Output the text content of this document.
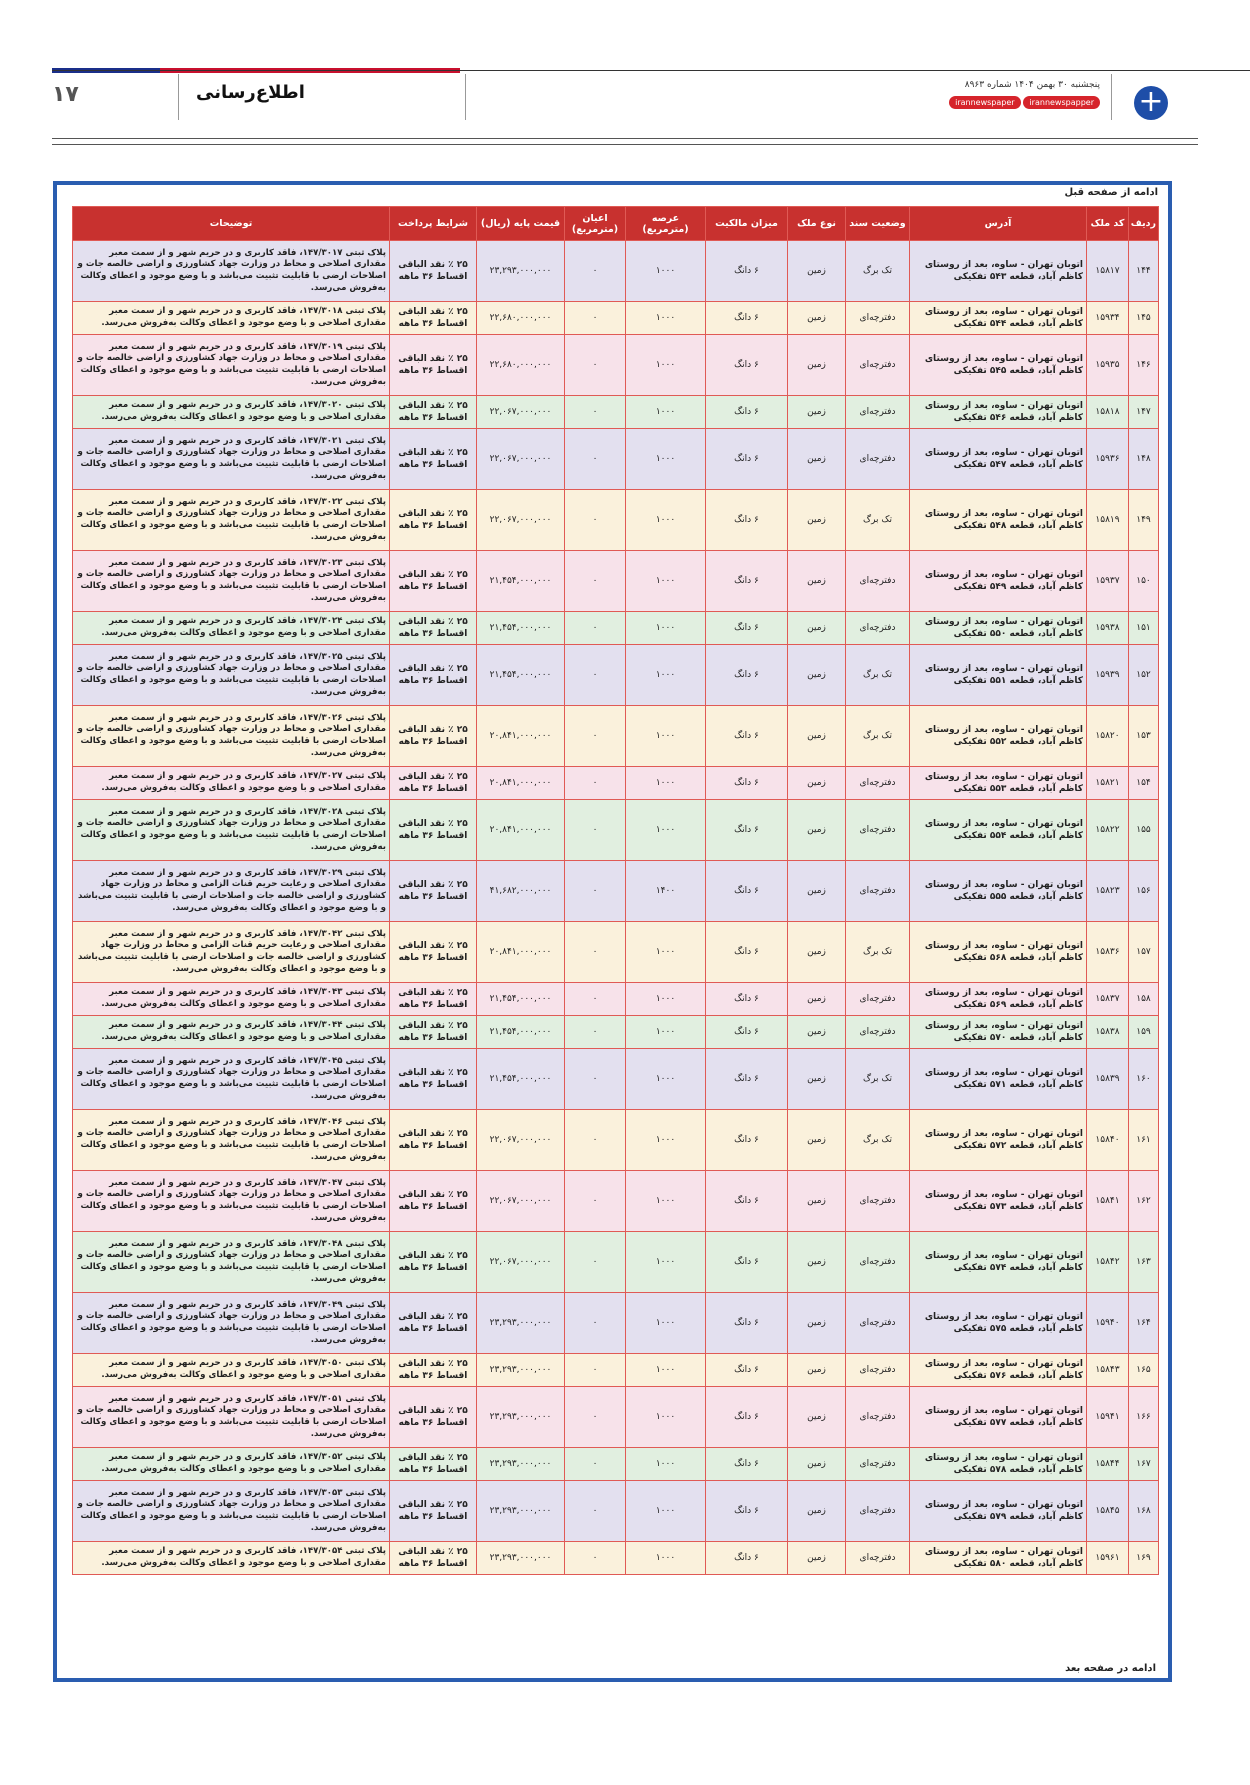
۱۷	اطلاع‌رسانی	پنجشنبه ۳۰ بهمن ۱۴۰۴ شماره ۸۹۶۳
irannewspapper irannewspaper	+
ادامه از صفحه قبل
ردیف	کد ملک	آدرس	وضعیت سند	نوع ملک	میزان مالکیت	عرصه (مترمربع)	اعیان (مترمربع)	قیمت پایه (ریال)	شرایط پرداخت	توضیحات
۱۴۴	۱۵۸۱۷	اتوبان تهران - ساوه، بعد از روستای کاظم آباد، قطعه ۵۴۳ تفکیکی	تک برگ	زمین	۶ دانگ	۱۰۰۰	۰	۲۳,۲۹۳,۰۰۰,۰۰۰	۲۵ ٪ نقد الباقی اقساط ۳۶ ماهه	پلاک ثبتی ۱۴۷/۳۰۱۷، فاقد کاربری و در حریم شهر و از سمت معبر مقداری اصلاحی و محاط در وزارت جهاد کشاورزی و اراضی خالصه جات و اصلاحات ارضی با قابلیت تثبیت می‌باشد و با وضع موجود و اعطای وکالت به‌فروش می‌رسد.
۱۴۵	۱۵۹۳۴	اتوبان تهران - ساوه، بعد از روستای کاظم آباد، قطعه ۵۴۴ تفکیکی	دفترچه‌ای	زمین	۶ دانگ	۱۰۰۰	۰	۲۲,۶۸۰,۰۰۰,۰۰۰	۲۵ ٪ نقد الباقی اقساط ۳۶ ماهه	پلاک ثبتی ۱۴۷/۳۰۱۸، فاقد کاربری و در حریم شهر و از سمت معبر مقداری اصلاحی و با وضع موجود و اعطای وکالت به‌فروش می‌رسد.
۱۴۶	۱۵۹۳۵	اتوبان تهران - ساوه، بعد از روستای کاظم آباد، قطعه ۵۴۵ تفکیکی	دفترچه‌ای	زمین	۶ دانگ	۱۰۰۰	۰	۲۲,۶۸۰,۰۰۰,۰۰۰	۲۵ ٪ نقد الباقی اقساط ۳۶ ماهه	پلاک ثبتی ۱۴۷/۳۰۱۹، فاقد کاربری و در حریم شهر و از سمت معبر مقداری اصلاحی و محاط در وزارت جهاد کشاورزی و اراضی خالصه جات و اصلاحات ارضی با قابلیت تثبیت می‌باشد و با وضع موجود و اعطای وکالت به‌فروش می‌رسد.
۱۴۷	۱۵۸۱۸	اتوبان تهران - ساوه، بعد از روستای کاظم آباد، قطعه ۵۴۶ تفکیکی	دفترچه‌ای	زمین	۶ دانگ	۱۰۰۰	۰	۲۲,۰۶۷,۰۰۰,۰۰۰	۲۵ ٪ نقد الباقی اقساط ۳۶ ماهه	پلاک ثبتی ۱۴۷/۳۰۲۰، فاقد کاربری و در حریم شهر و از سمت معبر مقداری اصلاحی و با وضع موجود و اعطای وکالت به‌فروش می‌رسد.
۱۴۸	۱۵۹۳۶	اتوبان تهران - ساوه، بعد از روستای کاظم آباد، قطعه ۵۴۷ تفکیکی	دفترچه‌ای	زمین	۶ دانگ	۱۰۰۰	۰	۲۲,۰۶۷,۰۰۰,۰۰۰	۲۵ ٪ نقد الباقی اقساط ۳۶ ماهه	پلاک ثبتی ۱۴۷/۳۰۲۱، فاقد کاربری و در حریم شهر و از سمت معبر مقداری اصلاحی و محاط در وزارت جهاد کشاورزی و اراضی خالصه جات و اصلاحات ارضی با قابلیت تثبیت می‌باشد و با وضع موجود و اعطای وکالت به‌فروش می‌رسد.
۱۴۹	۱۵۸۱۹	اتوبان تهران - ساوه، بعد از روستای کاظم آباد، قطعه ۵۴۸ تفکیکی	تک برگ	زمین	۶ دانگ	۱۰۰۰	۰	۲۲,۰۶۷,۰۰۰,۰۰۰	۲۵ ٪ نقد الباقی اقساط ۳۶ ماهه	پلاک ثبتی ۱۴۷/۳۰۲۲، فاقد کاربری و در حریم شهر و از سمت معبر مقداری اصلاحی و محاط در وزارت جهاد کشاورزی و اراضی خالصه جات و اصلاحات ارضی با قابلیت تثبیت می‌باشد و با وضع موجود و اعطای وکالت به‌فروش می‌رسد.
۱۵۰	۱۵۹۳۷	اتوبان تهران - ساوه، بعد از روستای کاظم آباد، قطعه ۵۴۹ تفکیکی	دفترچه‌ای	زمین	۶ دانگ	۱۰۰۰	۰	۲۱,۴۵۴,۰۰۰,۰۰۰	۲۵ ٪ نقد الباقی اقساط ۳۶ ماهه	پلاک ثبتی ۱۴۷/۳۰۲۳، فاقد کاربری و در حریم شهر و از سمت معبر مقداری اصلاحی و محاط در وزارت جهاد کشاورزی و اراضی خالصه جات و اصلاحات ارضی با قابلیت تثبیت می‌باشد و با وضع موجود و اعطای وکالت به‌فروش می‌رسد.
۱۵۱	۱۵۹۳۸	اتوبان تهران - ساوه، بعد از روستای کاظم آباد، قطعه ۵۵۰ تفکیکی	دفترچه‌ای	زمین	۶ دانگ	۱۰۰۰	۰	۲۱,۴۵۴,۰۰۰,۰۰۰	۲۵ ٪ نقد الباقی اقساط ۳۶ ماهه	پلاک ثبتی ۱۴۷/۳۰۲۴، فاقد کاربری و در حریم شهر و از سمت معبر مقداری اصلاحی و با وضع موجود و اعطای وکالت به‌فروش می‌رسد.
۱۵۲	۱۵۹۳۹	اتوبان تهران - ساوه، بعد از روستای کاظم آباد، قطعه ۵۵۱ تفکیکی	تک برگ	زمین	۶ دانگ	۱۰۰۰	۰	۲۱,۴۵۴,۰۰۰,۰۰۰	۲۵ ٪ نقد الباقی اقساط ۳۶ ماهه	پلاک ثبتی ۱۴۷/۳۰۲۵، فاقد کاربری و در حریم شهر و از سمت معبر مقداری اصلاحی و محاط در وزارت جهاد کشاورزی و اراضی خالصه جات و اصلاحات ارضی با قابلیت تثبیت می‌باشد و با وضع موجود و اعطای وکالت به‌فروش می‌رسد.
۱۵۳	۱۵۸۲۰	اتوبان تهران - ساوه، بعد از روستای کاظم آباد، قطعه ۵۵۲ تفکیکی	تک برگ	زمین	۶ دانگ	۱۰۰۰	۰	۲۰,۸۴۱,۰۰۰,۰۰۰	۲۵ ٪ نقد الباقی اقساط ۳۶ ماهه	پلاک ثبتی ۱۴۷/۳۰۲۶، فاقد کاربری و در حریم شهر و از سمت معبر مقداری اصلاحی و محاط در وزارت جهاد کشاورزی و اراضی خالصه جات و اصلاحات ارضی با قابلیت تثبیت می‌باشد و با وضع موجود و اعطای وکالت به‌فروش می‌رسد.
۱۵۴	۱۵۸۲۱	اتوبان تهران - ساوه، بعد از روستای کاظم آباد، قطعه ۵۵۳ تفکیکی	دفترچه‌ای	زمین	۶ دانگ	۱۰۰۰	۰	۲۰,۸۴۱,۰۰۰,۰۰۰	۲۵ ٪ نقد الباقی اقساط ۳۶ ماهه	پلاک ثبتی ۱۴۷/۳۰۲۷، فاقد کاربری و در حریم شهر و از سمت معبر مقداری اصلاحی و با وضع موجود و اعطای وکالت به‌فروش می‌رسد.
۱۵۵	۱۵۸۲۲	اتوبان تهران - ساوه، بعد از روستای کاظم آباد، قطعه ۵۵۴ تفکیکی	دفترچه‌ای	زمین	۶ دانگ	۱۰۰۰	۰	۲۰,۸۴۱,۰۰۰,۰۰۰	۲۵ ٪ نقد الباقی اقساط ۳۶ ماهه	پلاک ثبتی ۱۴۷/۳۰۲۸، فاقد کاربری و در حریم شهر و از سمت معبر مقداری اصلاحی و محاط در وزارت جهاد کشاورزی و اراضی خالصه جات و اصلاحات ارضی با قابلیت تثبیت می‌باشد و با وضع موجود و اعطای وکالت به‌فروش می‌رسد.
۱۵۶	۱۵۸۲۳	اتوبان تهران - ساوه، بعد از روستای کاظم آباد، قطعه ۵۵۵ تفکیکی	دفترچه‌ای	زمین	۶ دانگ	۱۴۰۰	۰	۴۱,۶۸۲,۰۰۰,۰۰۰	۲۵ ٪ نقد الباقی اقساط ۳۶ ماهه	پلاک ثبتی ۱۴۷/۳۰۲۹، فاقد کاربری و در حریم شهر و از سمت معبر مقداری اصلاحی و رعایت حریم قنات الزامی و محاط در وزارت جهاد کشاورزی و اراضی خالصه جات و اصلاحات ارضی با قابلیت تثبیت می‌باشد و با وضع موجود و اعطای وکالت به‌فروش می‌رسد.
۱۵۷	۱۵۸۳۶	اتوبان تهران - ساوه، بعد از روستای کاظم آباد، قطعه ۵۶۸ تفکیکی	تک برگ	زمین	۶ دانگ	۱۰۰۰	۰	۲۰,۸۴۱,۰۰۰,۰۰۰	۲۵ ٪ نقد الباقی اقساط ۳۶ ماهه	پلاک ثبتی ۱۴۷/۳۰۴۲، فاقد کاربری و در حریم شهر و از سمت معبر مقداری اصلاحی و رعایت حریم قنات الزامی و محاط در وزارت جهاد کشاورزی و اراضی خالصه جات و اصلاحات ارضی با قابلیت تثبیت می‌باشد و با وضع موجود و اعطای وکالت به‌فروش می‌رسد.
۱۵۸	۱۵۸۳۷	اتوبان تهران - ساوه، بعد از روستای کاظم آباد، قطعه ۵۶۹ تفکیکی	دفترچه‌ای	زمین	۶ دانگ	۱۰۰۰	۰	۲۱,۴۵۴,۰۰۰,۰۰۰	۲۵ ٪ نقد الباقی اقساط ۳۶ ماهه	پلاک ثبتی ۱۴۷/۳۰۴۳، فاقد کاربری و در حریم شهر و از سمت معبر مقداری اصلاحی و با وضع موجود و اعطای وکالت به‌فروش می‌رسد.
۱۵۹	۱۵۸۳۸	اتوبان تهران - ساوه، بعد از روستای کاظم آباد، قطعه ۵۷۰ تفکیکی	دفترچه‌ای	زمین	۶ دانگ	۱۰۰۰	۰	۲۱,۴۵۴,۰۰۰,۰۰۰	۲۵ ٪ نقد الباقی اقساط ۳۶ ماهه	پلاک ثبتی ۱۴۷/۳۰۴۴، فاقد کاربری و در حریم شهر و از سمت معبر مقداری اصلاحی و با وضع موجود و اعطای وکالت به‌فروش می‌رسد.
۱۶۰	۱۵۸۳۹	اتوبان تهران - ساوه، بعد از روستای کاظم آباد، قطعه ۵۷۱ تفکیکی	تک برگ	زمین	۶ دانگ	۱۰۰۰	۰	۲۱,۴۵۴,۰۰۰,۰۰۰	۲۵ ٪ نقد الباقی اقساط ۳۶ ماهه	پلاک ثبتی ۱۴۷/۳۰۴۵، فاقد کاربری و در حریم شهر و از سمت معبر مقداری اصلاحی و محاط در وزارت جهاد کشاورزی و اراضی خالصه جات و اصلاحات ارضی با قابلیت تثبیت می‌باشد و با وضع موجود و اعطای وکالت به‌فروش می‌رسد.
۱۶۱	۱۵۸۴۰	اتوبان تهران - ساوه، بعد از روستای کاظم آباد، قطعه ۵۷۲ تفکیکی	تک برگ	زمین	۶ دانگ	۱۰۰۰	۰	۲۲,۰۶۷,۰۰۰,۰۰۰	۲۵ ٪ نقد الباقی اقساط ۳۶ ماهه	پلاک ثبتی ۱۴۷/۳۰۴۶، فاقد کاربری و در حریم شهر و از سمت معبر مقداری اصلاحی و محاط در وزارت جهاد کشاورزی و اراضی خالصه جات و اصلاحات ارضی با قابلیت تثبیت می‌باشد و با وضع موجود و اعطای وکالت به‌فروش می‌رسد.
۱۶۲	۱۵۸۴۱	اتوبان تهران - ساوه، بعد از روستای کاظم آباد، قطعه ۵۷۳ تفکیکی	دفترچه‌ای	زمین	۶ دانگ	۱۰۰۰	۰	۲۲,۰۶۷,۰۰۰,۰۰۰	۲۵ ٪ نقد الباقی اقساط ۳۶ ماهه	پلاک ثبتی ۱۴۷/۳۰۴۷، فاقد کاربری و در حریم شهر و از سمت معبر مقداری اصلاحی و محاط در وزارت جهاد کشاورزی و اراضی خالصه جات و اصلاحات ارضی با قابلیت تثبیت می‌باشد و با وضع موجود و اعطای وکالت به‌فروش می‌رسد.
۱۶۳	۱۵۸۴۲	اتوبان تهران - ساوه، بعد از روستای کاظم آباد، قطعه ۵۷۴ تفکیکی	دفترچه‌ای	زمین	۶ دانگ	۱۰۰۰	۰	۲۲,۰۶۷,۰۰۰,۰۰۰	۲۵ ٪ نقد الباقی اقساط ۳۶ ماهه	پلاک ثبتی ۱۴۷/۳۰۴۸، فاقد کاربری و در حریم شهر و از سمت معبر مقداری اصلاحی و محاط در وزارت جهاد کشاورزی و اراضی خالصه جات و اصلاحات ارضی با قابلیت تثبیت می‌باشد و با وضع موجود و اعطای وکالت به‌فروش می‌رسد.
۱۶۴	۱۵۹۴۰	اتوبان تهران - ساوه، بعد از روستای کاظم آباد، قطعه ۵۷۵ تفکیکی	دفترچه‌ای	زمین	۶ دانگ	۱۰۰۰	۰	۲۳,۲۹۳,۰۰۰,۰۰۰	۲۵ ٪ نقد الباقی اقساط ۳۶ ماهه	پلاک ثبتی ۱۴۷/۳۰۴۹، فاقد کاربری و در حریم شهر و از سمت معبر مقداری اصلاحی و محاط در وزارت جهاد کشاورزی و اراضی خالصه جات و اصلاحات ارضی با قابلیت تثبیت می‌باشد و با وضع موجود و اعطای وکالت به‌فروش می‌رسد.
۱۶۵	۱۵۸۴۳	اتوبان تهران - ساوه، بعد از روستای کاظم آباد، قطعه ۵۷۶ تفکیکی	دفترچه‌ای	زمین	۶ دانگ	۱۰۰۰	۰	۲۳,۲۹۳,۰۰۰,۰۰۰	۲۵ ٪ نقد الباقی اقساط ۳۶ ماهه	پلاک ثبتی ۱۴۷/۳۰۵۰، فاقد کاربری و در حریم شهر و از سمت معبر مقداری اصلاحی و با وضع موجود و اعطای وکالت به‌فروش می‌رسد.
۱۶۶	۱۵۹۴۱	اتوبان تهران - ساوه، بعد از روستای کاظم آباد، قطعه ۵۷۷ تفکیکی	دفترچه‌ای	زمین	۶ دانگ	۱۰۰۰	۰	۲۳,۲۹۳,۰۰۰,۰۰۰	۲۵ ٪ نقد الباقی اقساط ۳۶ ماهه	پلاک ثبتی ۱۴۷/۳۰۵۱، فاقد کاربری و در حریم شهر و از سمت معبر مقداری اصلاحی و محاط در وزارت جهاد کشاورزی و اراضی خالصه جات و اصلاحات ارضی با قابلیت تثبیت می‌باشد و با وضع موجود و اعطای وکالت به‌فروش می‌رسد.
۱۶۷	۱۵۸۴۴	اتوبان تهران - ساوه، بعد از روستای کاظم آباد، قطعه ۵۷۸ تفکیکی	دفترچه‌ای	زمین	۶ دانگ	۱۰۰۰	۰	۲۳,۲۹۳,۰۰۰,۰۰۰	۲۵ ٪ نقد الباقی اقساط ۳۶ ماهه	پلاک ثبتی ۱۴۷/۳۰۵۲، فاقد کاربری و در حریم شهر و از سمت معبر مقداری اصلاحی و با وضع موجود و اعطای وکالت به‌فروش می‌رسد.
۱۶۸	۱۵۸۴۵	اتوبان تهران - ساوه، بعد از روستای کاظم آباد، قطعه ۵۷۹ تفکیکی	دفترچه‌ای	زمین	۶ دانگ	۱۰۰۰	۰	۲۳,۲۹۳,۰۰۰,۰۰۰	۲۵ ٪ نقد الباقی اقساط ۳۶ ماهه	پلاک ثبتی ۱۴۷/۳۰۵۳، فاقد کاربری و در حریم شهر و از سمت معبر مقداری اصلاحی و محاط در وزارت جهاد کشاورزی و اراضی خالصه جات و اصلاحات ارضی با قابلیت تثبیت می‌باشد و با وضع موجود و اعطای وکالت به‌فروش می‌رسد.
۱۶۹	۱۵۹۶۱	اتوبان تهران - ساوه، بعد از روستای کاظم آباد، قطعه ۵۸۰ تفکیکی	دفترچه‌ای	زمین	۶ دانگ	۱۰۰۰	۰	۲۳,۲۹۳,۰۰۰,۰۰۰	۲۵ ٪ نقد الباقی اقساط ۳۶ ماهه	پلاک ثبتی ۱۴۷/۳۰۵۴، فاقد کاربری و در حریم شهر و از سمت معبر مقداری اصلاحی و با وضع موجود و اعطای وکالت به‌فروش می‌رسد.
ادامه در صفحه بعد
